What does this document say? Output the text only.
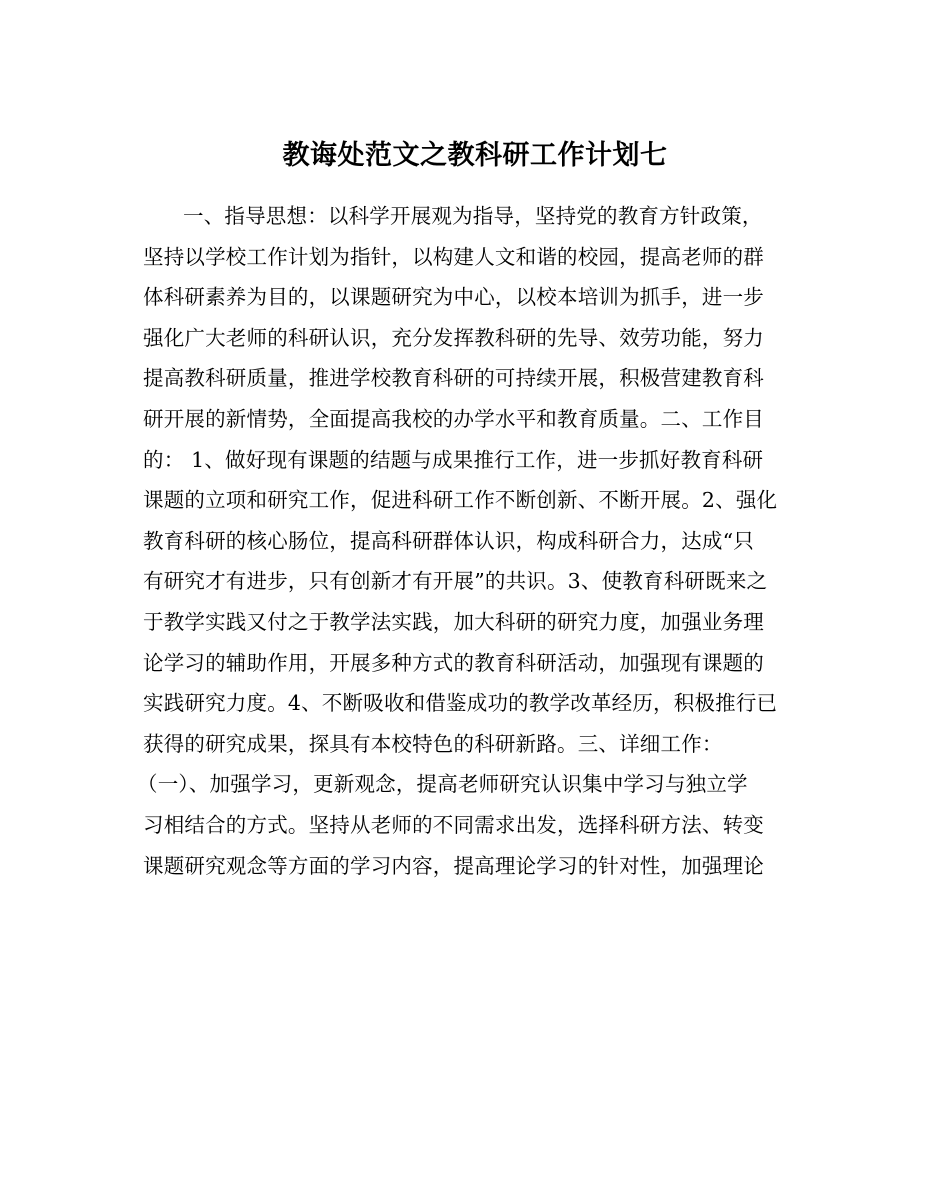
教诲处范文之教科研工作计划七
一、指导思想：以科学开展观为指导，坚持党的教育方针政策，
坚持以学校工作计划为指针，以构建人文和谐的校园，提高老师的群
体科研素养为目的，以课题研究为中心，以校本培训为抓手，进一步
强化广大老师的科研认识，充分发挥教科研的先导、效劳功能，努力
提高教科研质量，推进学校教育科研的可持续开展，积极营建教育科
研开展的新情势，全面提高我校的办学水平和教育质量。二、工作目
的： 1、做好现有课题的结题与成果推行工作，进一步抓好教育科研
课题的立项和研究工作，促进科研工作不断创新、不断开展。2、强化
教育科研的核心肠位，提高科研群体认识，构成科研合力，达成“只
有研究才有进步，只有创新才有开展”的共识。3、使教育科研既来之
于教学实践又付之于教学法实践，加大科研的研究力度，加强业务理
论学习的辅助作用，开展多种方式的教育科研活动，加强现有课题的
实践研究力度。4、不断吸收和借鉴成功的教学改革经历，积极推行已
获得的研究成果，探具有本校特色的科研新路。三、详细工作：
（一）、加强学习，更新观念，提高老师研究认识集中学习与独立学
习相结合的方式。坚持从老师的不同需求出发，选择科研方法、转变
课题研究观念等方面的学习内容，提高理论学习的针对性，加强理论
